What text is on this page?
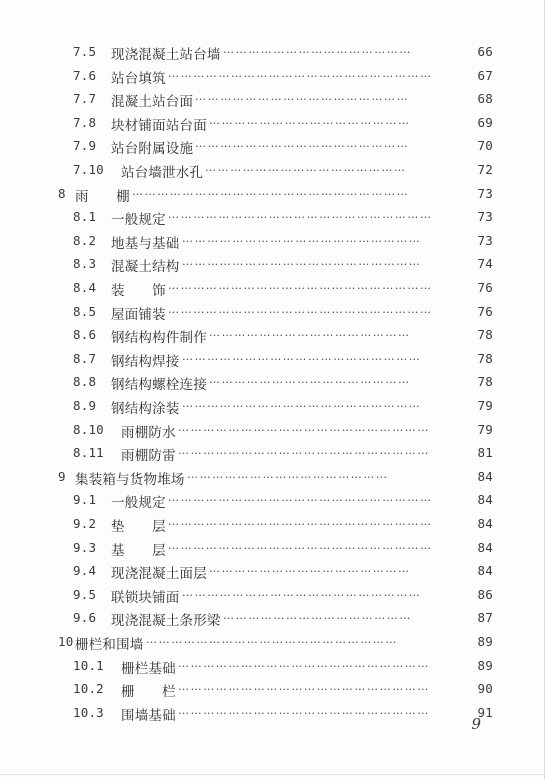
7.5 现浇混凝土站台墙 ………………………………………	66
7.6 站台填筑 ………………………………………………………	67
7.7 混凝土站台面 ……………………………………………	68
7.8 块材铺面站台面 …………………………………………	69
7.9 站台附属设施 ……………………………………………	70
7.10 站台墙泄水孔 …………………………………………	72
8 雨　　棚 …………………………………………………………	73
8.1 一般规定 ………………………………………………………	73
8.2 地基与基础 …………………………………………………	73
8.3 混凝土结构 …………………………………………………	74
8.4 装　　饰 ………………………………………………………	76
8.5 屋面铺装 ………………………………………………………	76
8.6 钢结构构件制作 …………………………………………	78
8.7 钢结构焊接 …………………………………………………	78
8.8 钢结构螺栓连接 …………………………………………	78
8.9 钢结构涂装 …………………………………………………	79
8.10 雨棚防水 ……………………………………………………	79
8.11 雨棚防雷 ……………………………………………………	81
9 集装箱与货物堆场 …………………………………………	84
9.1 一般规定 ………………………………………………………	84
9.2 垫　　层 ………………………………………………………	84
9.3 基　　层 ………………………………………………………	84
9.4 现浇混凝土面层 …………………………………………	84
9.5 联锁块铺面 …………………………………………………	86
9.6 现浇混凝土条形梁 ………………………………………	87
10 栅栏和围墙 ……………………………………………………	89
10.1 栅栏基础 ……………………………………………………	89
10.2 栅　　栏 ……………………………………………………	90
10.3 围墙基础 ……………………………………………………	91
9
